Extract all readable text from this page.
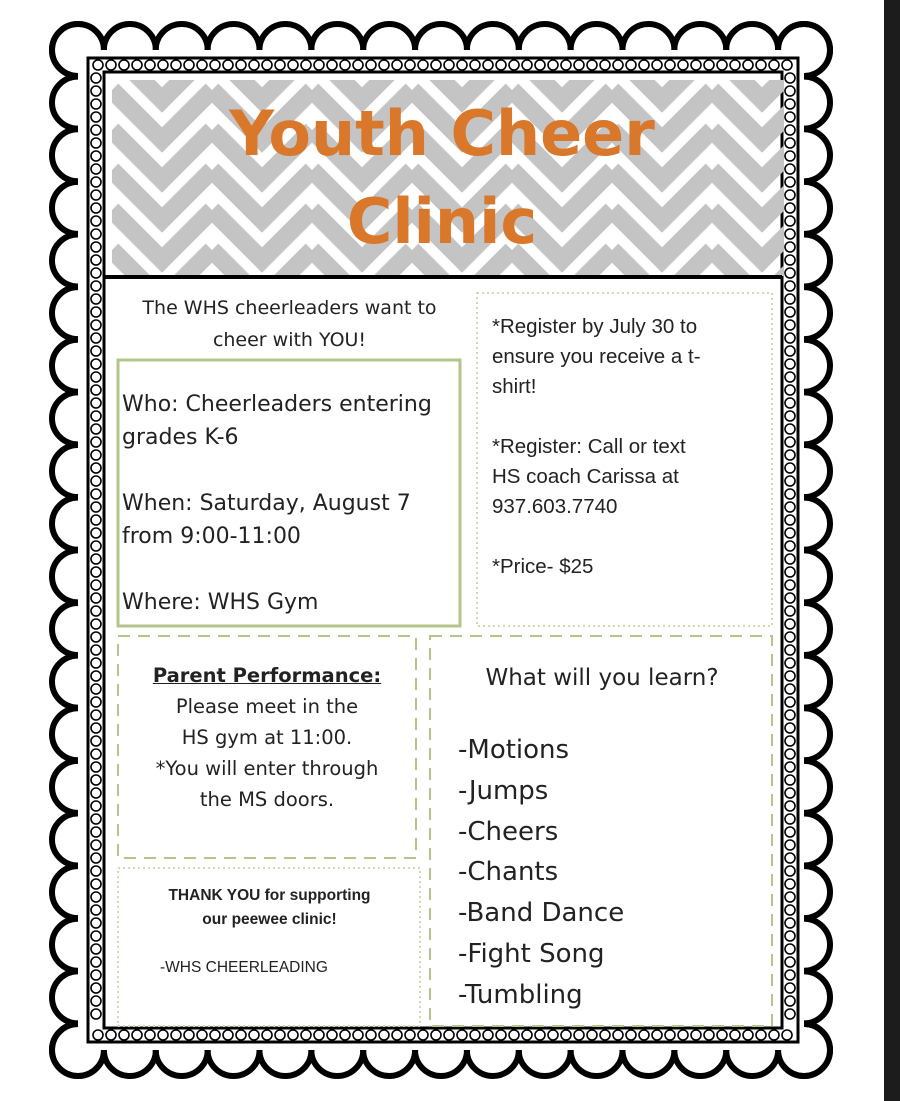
Youth Cheer
Clinic
The WHS cheerleaders want to
cheer with YOU!

Who: Cheerleaders entering

grades K-6

When: Saturday, August 7

from 9:00-11:00

Where: WHS Gym

*Register by July 30 to

ensure you receive a t-

shirt!

*Register: Call or text

HS coach Carissa at

937.603.7740

*Price- $25

Parent Performance:
Please meet in the
HS gym at 11:00.
*You will enter through
the MS doors.
THANK YOU for supporting
our peewee clinic!
-WHS CHEERLEADING
What will you learn?
-Motions
-Jumps
-Cheers
-Chants
-Band Dance
-Fight Song
-Tumbling
